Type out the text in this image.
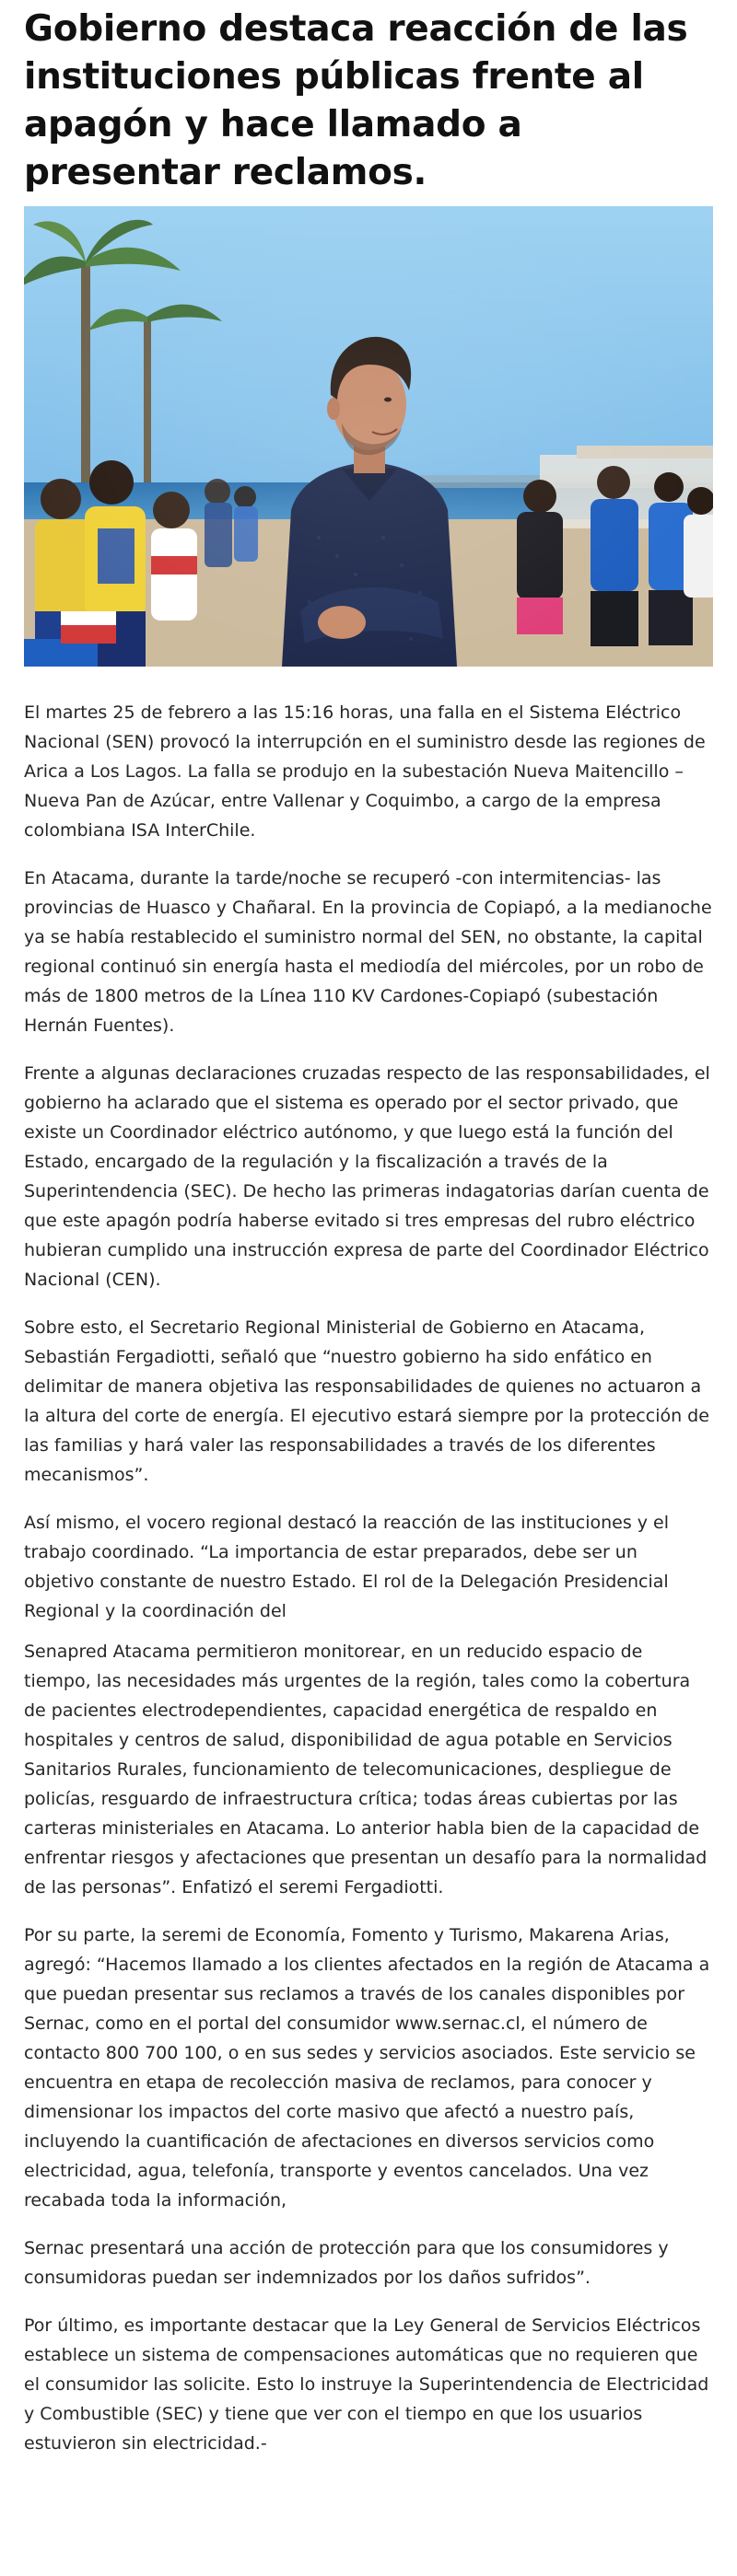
Gobierno destaca reacción de las instituciones públicas frente al apagón y hace llamado a presentar reclamos.

El martes 25 de febrero a las 15:16 horas, una falla en el Sistema Eléctrico Nacional (SEN) provocó la interrupción en el suministro desde las regiones de Arica a Los Lagos. La falla se produjo en la subestación Nueva Maitencillo – Nueva Pan de Azúcar, entre Vallenar y Coquimbo, a cargo de la empresa colombiana ISA InterChile.

En Atacama, durante la tarde/noche se recuperó -con intermitencias- las provincias de Huasco y Chañaral. En la provincia de Copiapó, a la medianoche ya se había restablecido el suministro normal del SEN, no obstante, la capital regional continuó sin energía hasta el mediodía del miércoles, por un robo de más de 1800 metros de la Línea 110 KV Cardones-Copiapó (subestación Hernán Fuentes).

Frente a algunas declaraciones cruzadas respecto de las responsabilidades, el gobierno ha aclarado que el sistema es operado por el sector privado, que existe un Coordinador eléctrico autónomo, y que luego está la función del Estado, encargado de la regulación y la fiscalización a través de la Superintendencia (SEC). De hecho las primeras indagatorias darían cuenta de que este apagón podría haberse evitado si tres empresas del rubro eléctrico hubieran cumplido una instrucción expresa de parte del Coordinador Eléctrico Nacional (CEN).

Sobre esto, el Secretario Regional Ministerial de Gobierno en Atacama, Sebastián Fergadiotti, señaló que “nuestro gobierno ha sido enfático en delimitar de manera objetiva las responsabilidades de quienes no actuaron a la altura del corte de energía. El ejecutivo estará siempre por la protección de las familias y hará valer las responsabilidades a través de los diferentes mecanismos”.

Así mismo, el vocero regional destacó la reacción de las instituciones y el trabajo coordinado. “La importancia de estar preparados, debe ser un objetivo constante de nuestro Estado. El rol de la Delegación Presidencial Regional y la coordinación del

Senapred Atacama permitieron monitorear, en un reducido espacio de tiempo, las necesidades más urgentes de la región, tales como la cobertura de pacientes electrodependientes, capacidad energética de respaldo en hospitales y centros de salud, disponibilidad de agua potable en Servicios Sanitarios Rurales, funcionamiento de telecomunicaciones, despliegue de policías, resguardo de infraestructura crítica; todas áreas cubiertas por las carteras ministeriales en Atacama. Lo anterior habla bien de la capacidad de enfrentar riesgos y afectaciones que presentan un desafío para la normalidad de las personas”. Enfatizó el seremi Fergadiotti.

Por su parte, la seremi de Economía, Fomento y Turismo, Makarena Arias, agregó: “Hacemos llamado a los clientes afectados en la región de Atacama a que puedan presentar sus reclamos a través de los canales disponibles por Sernac, como en el portal del consumidor www.sernac.cl, el número de contacto 800 700 100, o en sus sedes y servicios asociados. Este servicio se encuentra en etapa de recolección masiva de reclamos, para conocer y dimensionar los impactos del corte masivo que afectó a nuestro país, incluyendo la cuantificación de afectaciones en diversos servicios como electricidad, agua, telefonía, transporte y eventos cancelados. Una vez recabada toda la información,

Sernac presentará una acción de protección para que los consumidores y consumidoras puedan ser indemnizados por los daños sufridos”.

Por último, es importante destacar que la Ley General de Servicios Eléctricos establece un sistema de compensaciones automáticas que no requieren que el consumidor las solicite. Esto lo instruye la Superintendencia de Electricidad y Combustible (SEC) y tiene que ver con el tiempo en que los usuarios estuvieron sin electricidad.-
